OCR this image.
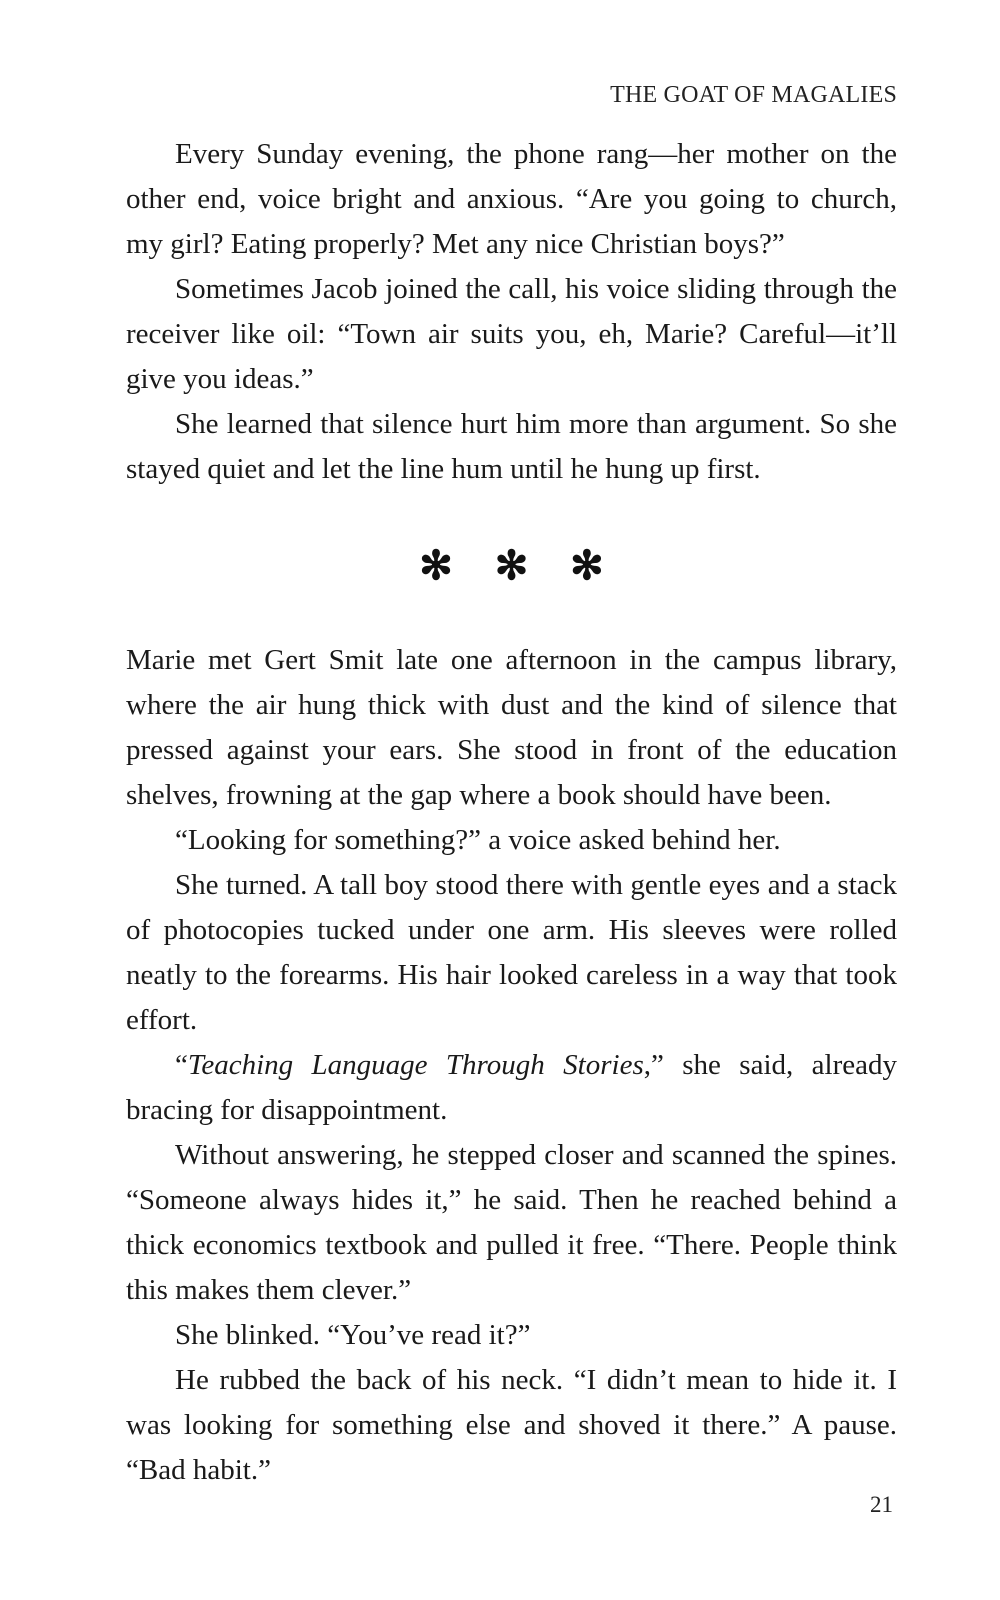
THE GOAT OF MAGALIES

Every Sunday evening, the phone rang—her mother on the other end, voice bright and anxious. “Are you going to church, my girl? Eating properly? Met any nice Christian boys?”

Sometimes Jacob joined the call, his voice sliding through the receiver like oil: “Town air suits you, eh, Marie? Careful—it’ll give you ideas.”

She learned that silence hurt him more than argument. So she stayed quiet and let the line hum until he hung up first.

✻ ✻ ✻

Marie met Gert Smit late one afternoon in the campus library, where the air hung thick with dust and the kind of silence that pressed against your ears. She stood in front of the education shelves, frowning at the gap where a book should have been.

“Looking for something?” a voice asked behind her.

She turned. A tall boy stood there with gentle eyes and a stack of photocopies tucked under one arm. His sleeves were rolled neatly to the forearms. His hair looked careless in a way that took effort.

“Teaching Language Through Stories,” she said, already bracing for disappointment.

Without answering, he stepped closer and scanned the spines. “Someone always hides it,” he said. Then he reached behind a thick economics textbook and pulled it free. “There. People think this makes them clever.”

She blinked. “You’ve read it?”

He rubbed the back of his neck. “I didn’t mean to hide it. I was looking for something else and shoved it there.” A pause. “Bad habit.”

21
